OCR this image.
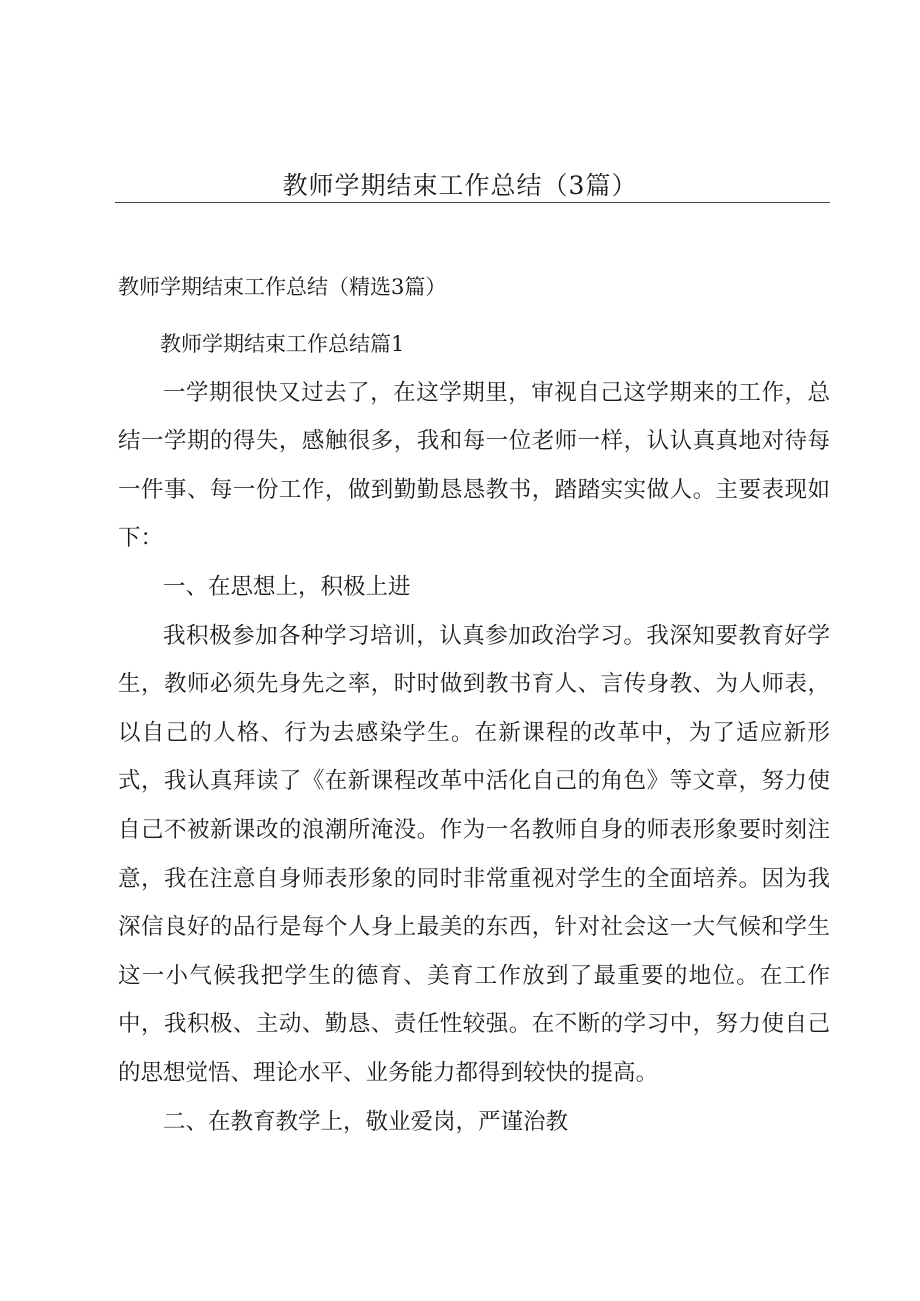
教师学期结束工作总结（3篇）

教师学期结束工作总结（精选3篇）

教师学期结束工作总结篇1

一学期很快又过去了，在这学期里，审视自己这学期来的工作，总结一学期的得失，感触很多，我和每一位老师一样，认认真真地对待每一件事、每一份工作，做到勤勤恳恳教书，踏踏实实做人。主要表现如下：

一、在思想上，积极上进

我积极参加各种学习培训，认真参加政治学习。我深知要教育好学生，教师必须先身先之率，时时做到教书育人、言传身教、为人师表，以自己的人格、行为去感染学生。在新课程的改革中，为了适应新形式，我认真拜读了《在新课程改革中活化自己的角色》等文章，努力使自己不被新课改的浪潮所淹没。作为一名教师自身的师表形象要时刻注意，我在注意自身师表形象的同时非常重视对学生的全面培养。因为我深信良好的品行是每个人身上最美的东西，针对社会这一大气候和学生这一小气候我把学生的德育、美育工作放到了最重要的地位。在工作中，我积极、主动、勤恳、责任性较强。在不断的学习中，努力使自己的思想觉悟、理论水平、业务能力都得到较快的提高。

二、在教育教学上，敬业爱岗，严谨治教
